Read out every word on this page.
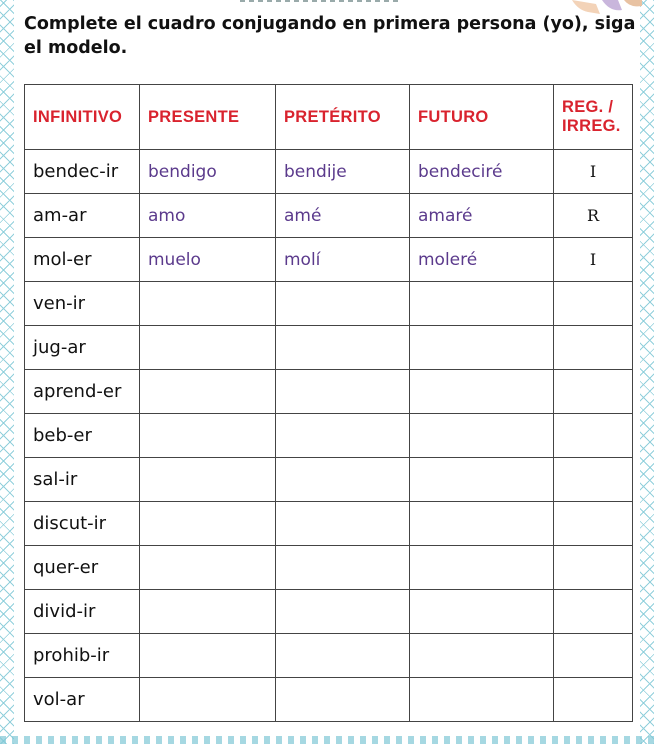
Complete el cuadro conjugando en primera persona (yo), siga el modelo.

INFINITIVO	PRESENTE	PRETÉRITO	FUTURO	REG. / IRREG.
bendec-ir	bendigo	bendije	bendeciré	I
am-ar	amo	amé	amaré	R
mol-er	muelo	molí	moleré	I
ven-ir				
jug-ar				
aprend-er				
beb-er				
sal-ir				
discut-ir				
quer-er				
divid-ir				
prohib-ir				
vol-ar				
